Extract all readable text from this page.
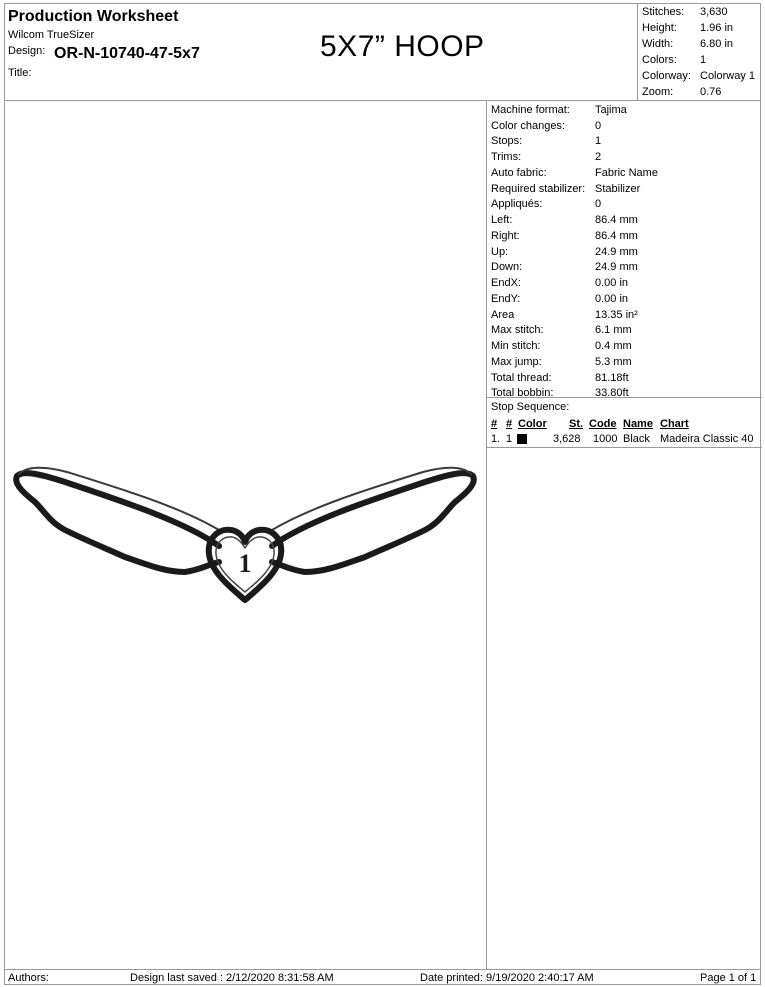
Production Worksheet
Wilcom TrueSizer
Design: OR-N-10740-47-5x7
Title:
5X7” HOOP
Stitches: 3,630
Height: 1.96 in
Width: 6.80 in
Colors: 1
Colorway: Colorway 1
Zoom: 0.76
1
Machine format: Tajima
Color changes:	0
Stops:	1
Trims:	2
Auto fabric:	Fabric Name
Required stabilizer: Stabilizer
Appliqués:	0
Left:	86.4 mm
Right:	86.4 mm
Up:	24.9 mm
Down:	24.9 mm
EndX:	0.00 in
EndY:	0.00 in
Area	13.35 in²
Max stitch:	6.1 mm
Min stitch:	0.4 mm
Max jump:	5.3 mm
Total thread:	81.18ft
Total bobbin:	33.80ft
Stop Sequence:
# # Color St. Code Name Chart
1. 1	3,628 1000 Black Madeira Classic 40
Authors:	Design last saved : 2/12/2020 8:31:58 AM	Date printed: 9/19/2020 2:40:17 AM	Page 1 of 1
